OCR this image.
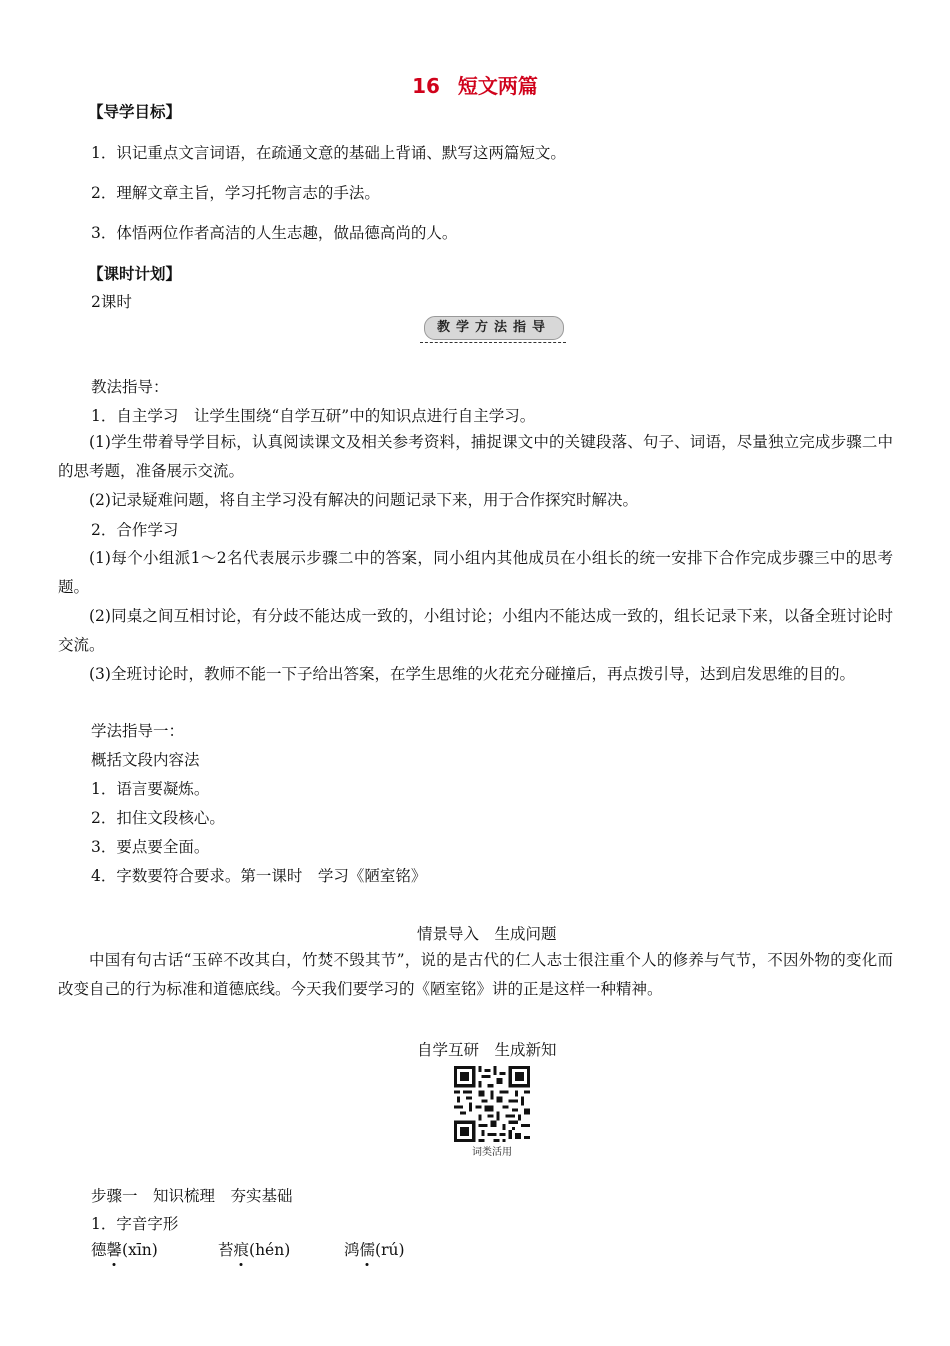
16 短文两篇
【导学目标】
1．识记重点文言词语，在疏通文意的基础上背诵、默写这两篇短文。
2．理解文章主旨，学习托物言志的手法。
3．体悟两位作者高洁的人生志趣，做品德高尚的人。
【课时计划】
2课时
教学方法指导
教法指导：
1．自主学习　让学生围绕“自学互研”中的知识点进行自主学习。
(1)学生带着导学目标，认真阅读课文及相关参考资料，捕捉课文中的关键段落、句子、词语，尽量独立完成步骤二中的思考题，准备展示交流。
(2)记录疑难问题，将自主学习没有解决的问题记录下来，用于合作探究时解决。
2．合作学习
(1)每个小组派1～2名代表展示步骤二中的答案，同小组内其他成员在小组长的统一安排下合作完成步骤三中的思考题。
(2)同桌之间互相讨论，有分歧不能达成一致的，小组讨论；小组内不能达成一致的，组长记录下来，以备全班讨论时交流。
(3)全班讨论时，教师不能一下子给出答案，在学生思维的火花充分碰撞后，再点拨引导，达到启发思维的目的。
学法指导一：
概括文段内容法
1．语言要凝炼。
2．扣住文段核心。
3．要点要全面。
4．字数要符合要求。第一课时　学习《陋室铭》
情景导入　生成问题
中国有句古话“玉碎不改其白，竹焚不毁其节”，说的是古代的仁人志士很注重个人的修养与气节，不因外物的变化而改变自己的行为标准和道德底线。今天我们要学习的《陋室铭》讲的正是这样一种精神。
自学互研　生成新知
词类活用
步骤一　知识梳理　夯实基础
1．字音字形
德馨(xīn)	苔痕(hén)	鸿儒(rú)
